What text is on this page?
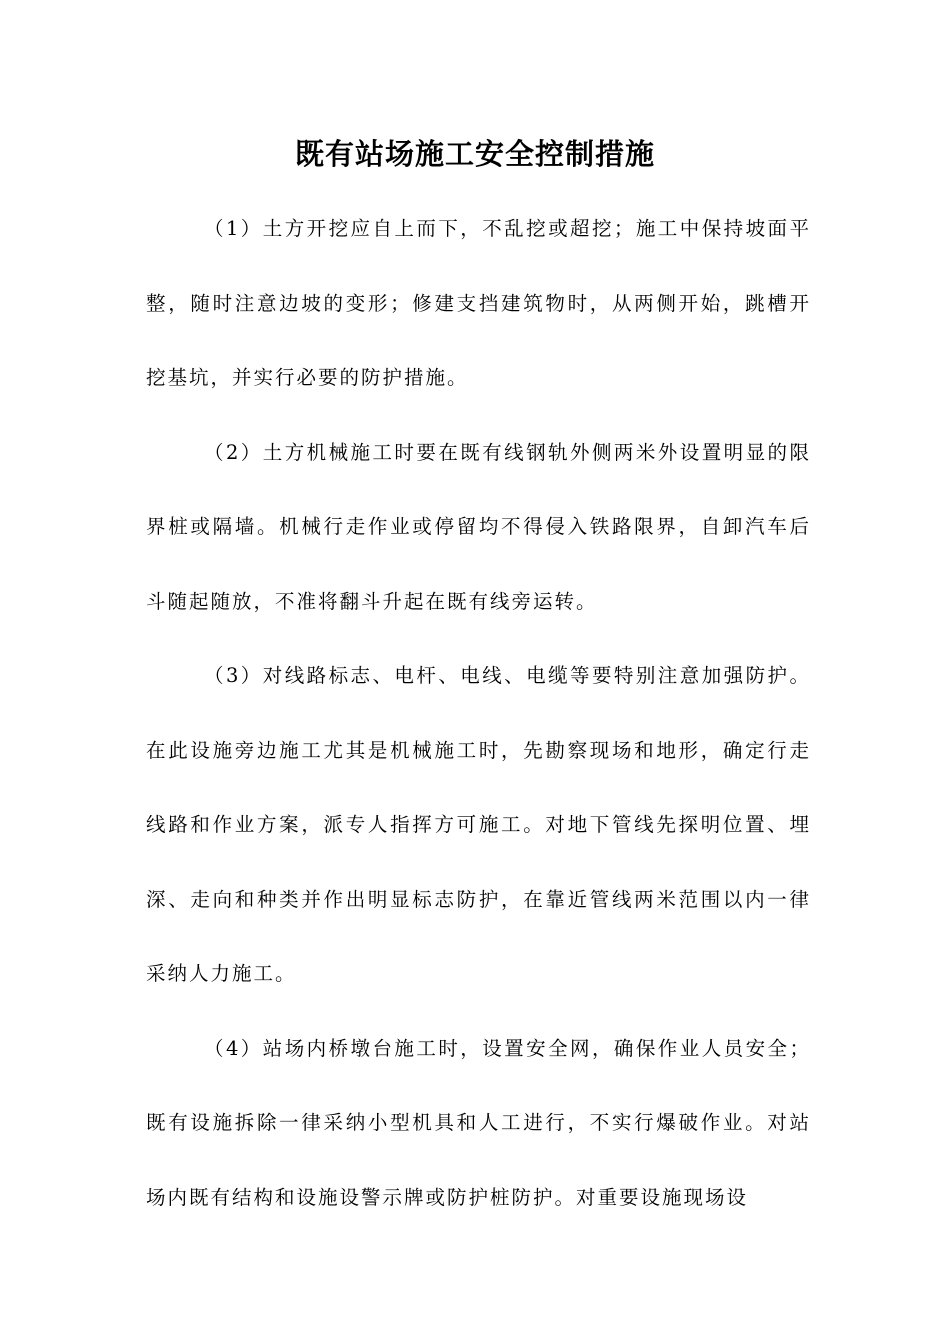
既有站场施工安全控制措施

（1）土方开挖应自上而下，不乱挖或超挖；施工中保持坡面平整，随时注意边坡的变形；修建支挡建筑物时，从两侧开始，跳槽开挖基坑，并实行必要的防护措施。

（2）土方机械施工时要在既有线钢轨外侧两米外设置明显的限界桩或隔墙。机械行走作业或停留均不得侵入铁路限界，自卸汽车后斗随起随放，不准将翻斗升起在既有线旁运转。

（3）对线路标志、电杆、电线、电缆等要特别注意加强防护。在此设施旁边施工尤其是机械施工时，先勘察现场和地形，确定行走线路和作业方案，派专人指挥方可施工。对地下管线先探明位置、埋深、走向和种类并作出明显标志防护，在靠近管线两米范围以内一律采纳人力施工。

（4）站场内桥墩台施工时，设置安全网，确保作业人员安全；既有设施拆除一律采纳小型机具和人工进行，不实行爆破作业。对站场内既有结构和设施设警示牌或防护桩防护。对重要设施现场设
